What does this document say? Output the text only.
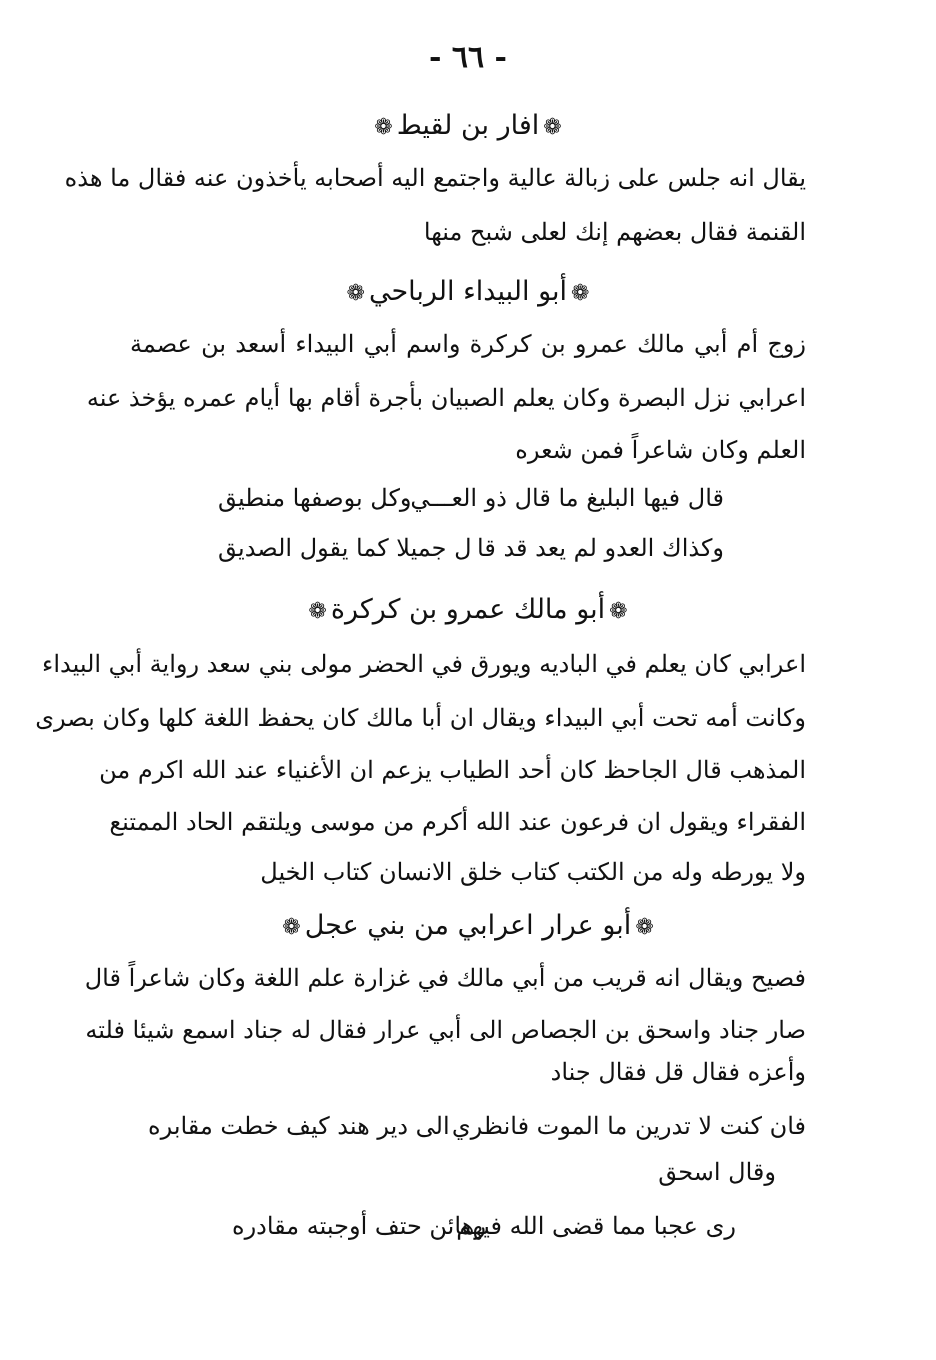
- ٦٦ -
❁افار بن لقيط❁
يقال انه جلس على زبالة عالية واجتمع اليه أصحابه يأخذون عنه فقال ما هذه
القنمة فقال بعضهم إنك لعلى شبح منها
❁أبو البيداء الرباحي❁
زوج أم أبي مالك عمرو بن كركرة واسم أبي البيداء أسعد بن عصمة
اعرابي نزل البصرة وكان يعلم الصبيان بأجرة أقام بها أيام عمره يؤخذ عنه
العلم وكان شاعراً فمن شعره
قال فيها البليغ ما قال ذو العـــي
وكل بوصفها منطيق
وكذاك العدو لم يعد قد قا
ل جميلا كما يقول الصديق
❁أبو مالك عمرو بن كركرة❁
اعرابي كان يعلم في الباديه ويورق في الحضر مولى بني سعد رواية أبي البيداء
وكانت أمه تحت أبي البيداء ويقال ان أبا مالك كان يحفظ اللغة كلها وكان بصرى
المذهب قال الجاحظ كان أحد الطياب يزعم ان الأغنياء عند الله اكرم من
الفقراء ويقول ان فرعون عند الله أكرم من موسى ويلتقم الحاد الممتنع
ولا يورطه وله من الكتب كتاب خلق الانسان كتاب الخيل
❁أبو عرار اعرابي من بني عجل❁
فصيح ويقال انه قريب من أبي مالك في غزارة علم اللغة وكان شاعراً قال
صار جناد واسحق بن الجصاص الى أبي عرار فقال له جناد اسمع شيئا فلته
وأعزه فقال قل فقال جناد
فان كنت لا تدرين ما الموت فانظري
الى دير هند كيف خطت مقابره
وقال اسحق
ری عجبا مما قضی الله فیهم
رهائن حتف أوجبته مقادره
